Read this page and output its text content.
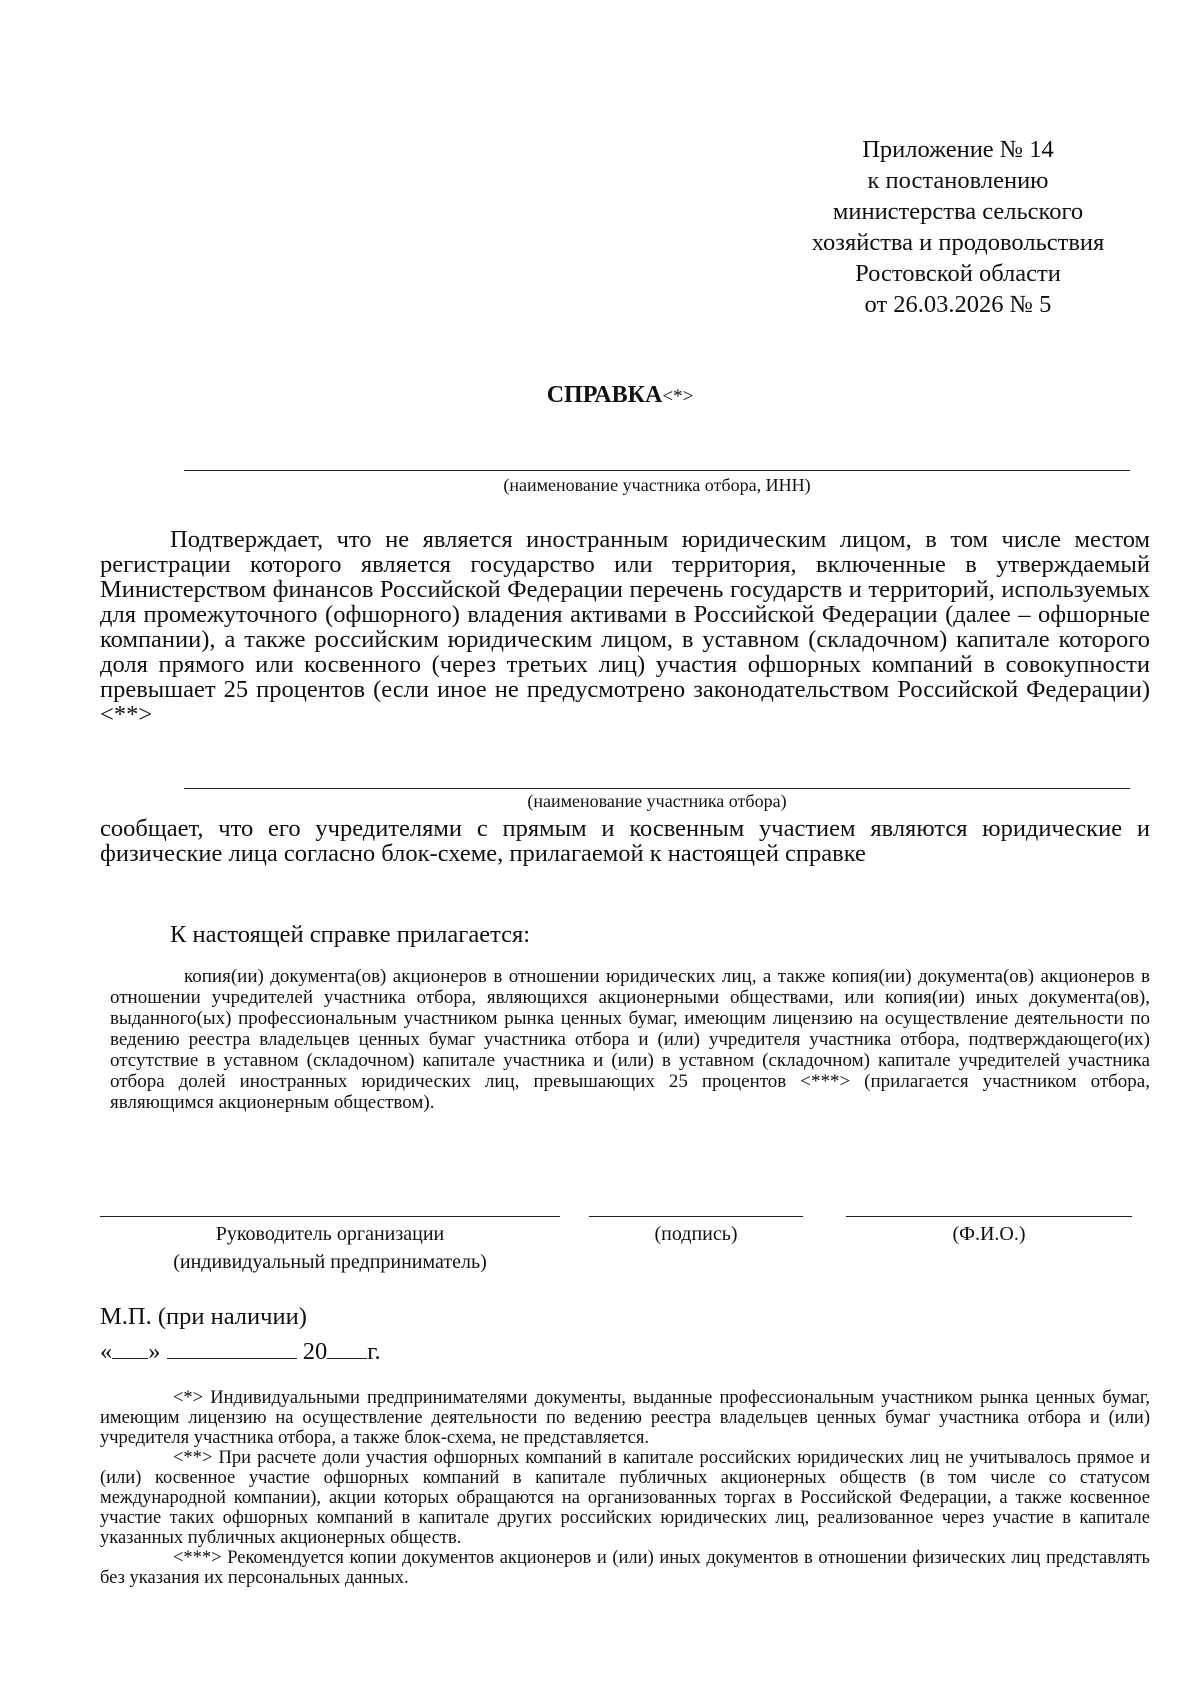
Приложение № 14
к постановлению
министерства сельского
хозяйства и продовольствия
Ростовской области
от 26.03.2026 № 5
СПРАВКА<*>
(наименование участника отбора, ИНН)
Подтверждает, что не является иностранным юридическим лицом, в том числе местом регистрации которого является государство или территория, включенные в утверждаемый Министерством финансов Российской Федерации перечень государств и территорий, используемых для промежуточного (офшорного) владения активами в Российской Федерации (далее – офшорные компании), а также российским юридическим лицом, в уставном (складочном) капитале которого доля прямого или косвенного (через третьих лиц) участия офшорных компаний в совокупности превышает 25 процентов (если иное не предусмотрено законодательством Российской Федерации) <**>
(наименование участника отбора)
сообщает, что его учредителями с прямым и косвенным участием являются юридические и физические лица согласно блок-схеме, прилагаемой к настоящей справке
К настоящей справке прилагается:
копия(ии) документа(ов) акционеров в отношении юридических лиц, а также копия(ии) документа(ов) акционеров в отношении учредителей участника отбора, являющихся акционерными обществами, или копия(ии) иных документа(ов), выданного(ых) профессиональным участником рынка ценных бумаг, имеющим лицензию на осуществление деятельности по ведению реестра владельцев ценных бумаг участника отбора и (или) учредителя участника отбора, подтверждающего(их) отсутствие в уставном (складочном) капитале участника и (или) в уставном (складочном) капитале учредителей участника отбора долей иностранных юридических лиц, превышающих 25 процентов <***> (прилагается участником отбора, являющимся акционерным обществом).
Руководитель организации
(индивидуальный предприниматель)
(подпись)	(Ф.И.О.)
М.П. (при наличии)
« »	20 г.

<*> Индивидуальными предпринимателями документы, выданные профессиональным участником рынка ценных бумаг, имеющим лицензию на осуществление деятельности по ведению реестра владельцев ценных бумаг участника отбора и (или) учредителя участника отбора, а также блок-схема, не представляется.

<**> При расчете доли участия офшорных компаний в капитале российских юридических лиц не учитывалось прямое и (или) косвенное участие офшорных компаний в капитале публичных акционерных обществ (в том числе со статусом международной компании), акции которых обращаются на организованных торгах в Российской Федерации, а также косвенное участие таких офшорных компаний в капитале других российских юридических лиц, реализованное через участие в капитале указанных публичных акционерных обществ.

<***> Рекомендуется копии документов акционеров и (или) иных документов в отношении физических лиц представлять без указания их персональных данных.
